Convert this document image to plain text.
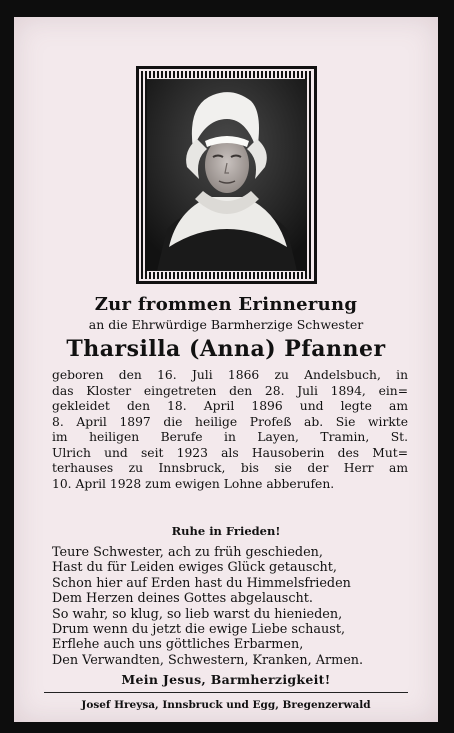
Zur frommen Erinnerung
an die Ehrwürdige Barmherzige Schwester
Tharsilla (Anna) Pfanner
geboren den 16. Juli 1866 zu Andelsbuch, in
das Kloster eingetreten den 28. Juli 1894, ein=
gekleidet den 18. April 1896 und legte am
8. April 1897 die heilige Profeß ab. Sie wirkte
im heiligen Berufe in Layen, Tramin, St.
Ulrich und seit 1923 als Hausoberin des Mut=
terhauses zu Innsbruck, bis sie der Herr am
10. April 1928 zum ewigen Lohne abberufen.
Ruhe in Frieden!
Teure Schwester, ach zu früh geschieden,
Hast du für Leiden ewiges Glück getauscht,
Schon hier auf Erden hast du Himmelsfrieden
Dem Herzen deines Gottes abgelauscht.
So wahr, so klug, so lieb warst du hienieden,
Drum wenn du jetzt die ewige Liebe schaust,
Erflehe auch uns göttliches Erbarmen,
Den Verwandten, Schwestern, Kranken, Armen.
Mein Jesus, Barmherzigkeit!
Josef Hreysa, Innsbruck und Egg, Bregenzerwald
